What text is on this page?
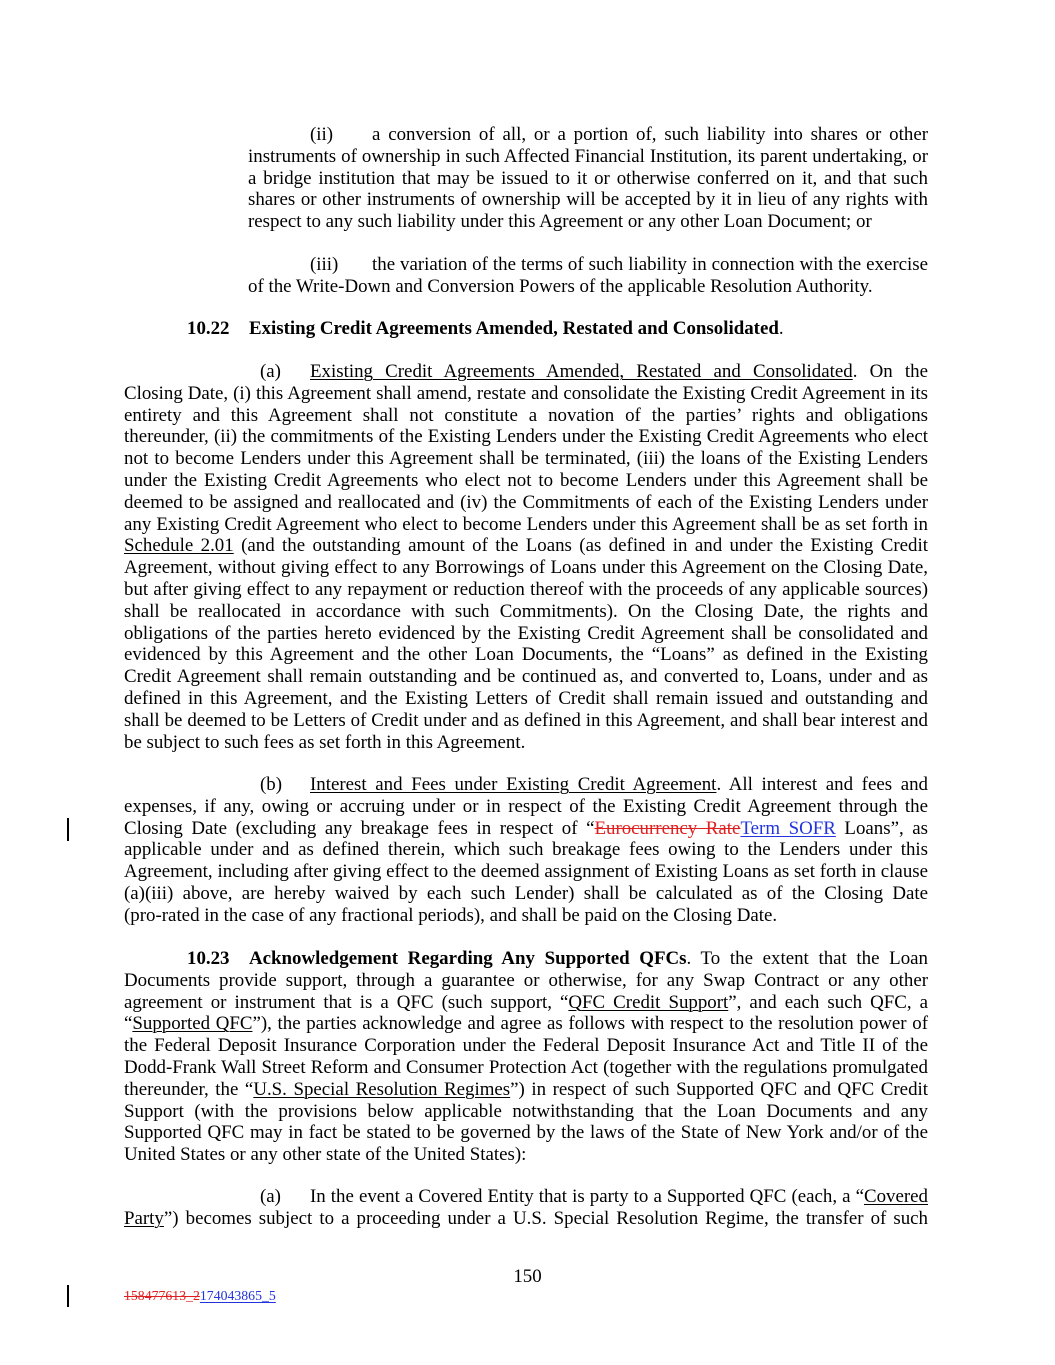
(ii) a conversion of all, or a portion of, such liability into shares or other
instruments of ownership in such Affected Financial Institution, its parent undertaking, or
a bridge institution that may be issued to it or otherwise conferred on it, and that such
shares or other instruments of ownership will be accepted by it in lieu of any rights with
respect to any such liability under this Agreement or any other Loan Document; or
(iii) the variation of the terms of such liability in connection with the exercise
of the Write-Down and Conversion Powers of the applicable Resolution Authority.
10.22 Existing Credit Agreements Amended, Restated and Consolidated.
(a) Existing Credit Agreements Amended, Restated and Consolidated. On the
Closing Date, (i) this Agreement shall amend, restate and consolidate the Existing Credit Agreement in its
entirety and this Agreement shall not constitute a novation of the parties’ rights and obligations
thereunder, (ii) the commitments of the Existing Lenders under the Existing Credit Agreements who elect
not to become Lenders under this Agreement shall be terminated, (iii) the loans of the Existing Lenders
under the Existing Credit Agreements who elect not to become Lenders under this Agreement shall be
deemed to be assigned and reallocated and (iv) the Commitments of each of the Existing Lenders under
any Existing Credit Agreement who elect to become Lenders under this Agreement shall be as set forth in
Schedule 2.01 (and the outstanding amount of the Loans (as defined in and under the Existing Credit
Agreement, without giving effect to any Borrowings of Loans under this Agreement on the Closing Date,
but after giving effect to any repayment or reduction thereof with the proceeds of any applicable sources)
shall be reallocated in accordance with such Commitments). On the Closing Date, the rights and
obligations of the parties hereto evidenced by the Existing Credit Agreement shall be consolidated and
evidenced by this Agreement and the other Loan Documents, the “Loans” as defined in the Existing
Credit Agreement shall remain outstanding and be continued as, and converted to, Loans, under and as
defined in this Agreement, and the Existing Letters of Credit shall remain issued and outstanding and
shall be deemed to be Letters of Credit under and as defined in this Agreement, and shall bear interest and
be subject to such fees as set forth in this Agreement.
(b) Interest and Fees under Existing Credit Agreement. All interest and fees and
expenses, if any, owing or accruing under or in respect of the Existing Credit Agreement through the
Closing Date (excluding any breakage fees in respect of “Eurocurrency RateTerm SOFR Loans”, as
applicable under and as defined therein, which such breakage fees owing to the Lenders under this
Agreement, including after giving effect to the deemed assignment of Existing Loans as set forth in clause
(a)(iii) above, are hereby waived by each such Lender) shall be calculated as of the Closing Date
(pro-rated in the case of any fractional periods), and shall be paid on the Closing Date.
10.23 Acknowledgement Regarding Any Supported QFCs. To the extent that the Loan
Documents provide support, through a guarantee or otherwise, for any Swap Contract or any other
agreement or instrument that is a QFC (such support, “QFC Credit Support”, and each such QFC, a
“Supported QFC”), the parties acknowledge and agree as follows with respect to the resolution power of
the Federal Deposit Insurance Corporation under the Federal Deposit Insurance Act and Title II of the
Dodd-Frank Wall Street Reform and Consumer Protection Act (together with the regulations promulgated
thereunder, the “U.S. Special Resolution Regimes”) in respect of such Supported QFC and QFC Credit
Support (with the provisions below applicable notwithstanding that the Loan Documents and any
Supported QFC may in fact be stated to be governed by the laws of the State of New York and/or of the
United States or any other state of the United States):
(a) In the event a Covered Entity that is party to a Supported QFC (each, a “Covered
Party”) becomes subject to a proceeding under a U.S. Special Resolution Regime, the transfer of such
150
158477613_2174043865_5
